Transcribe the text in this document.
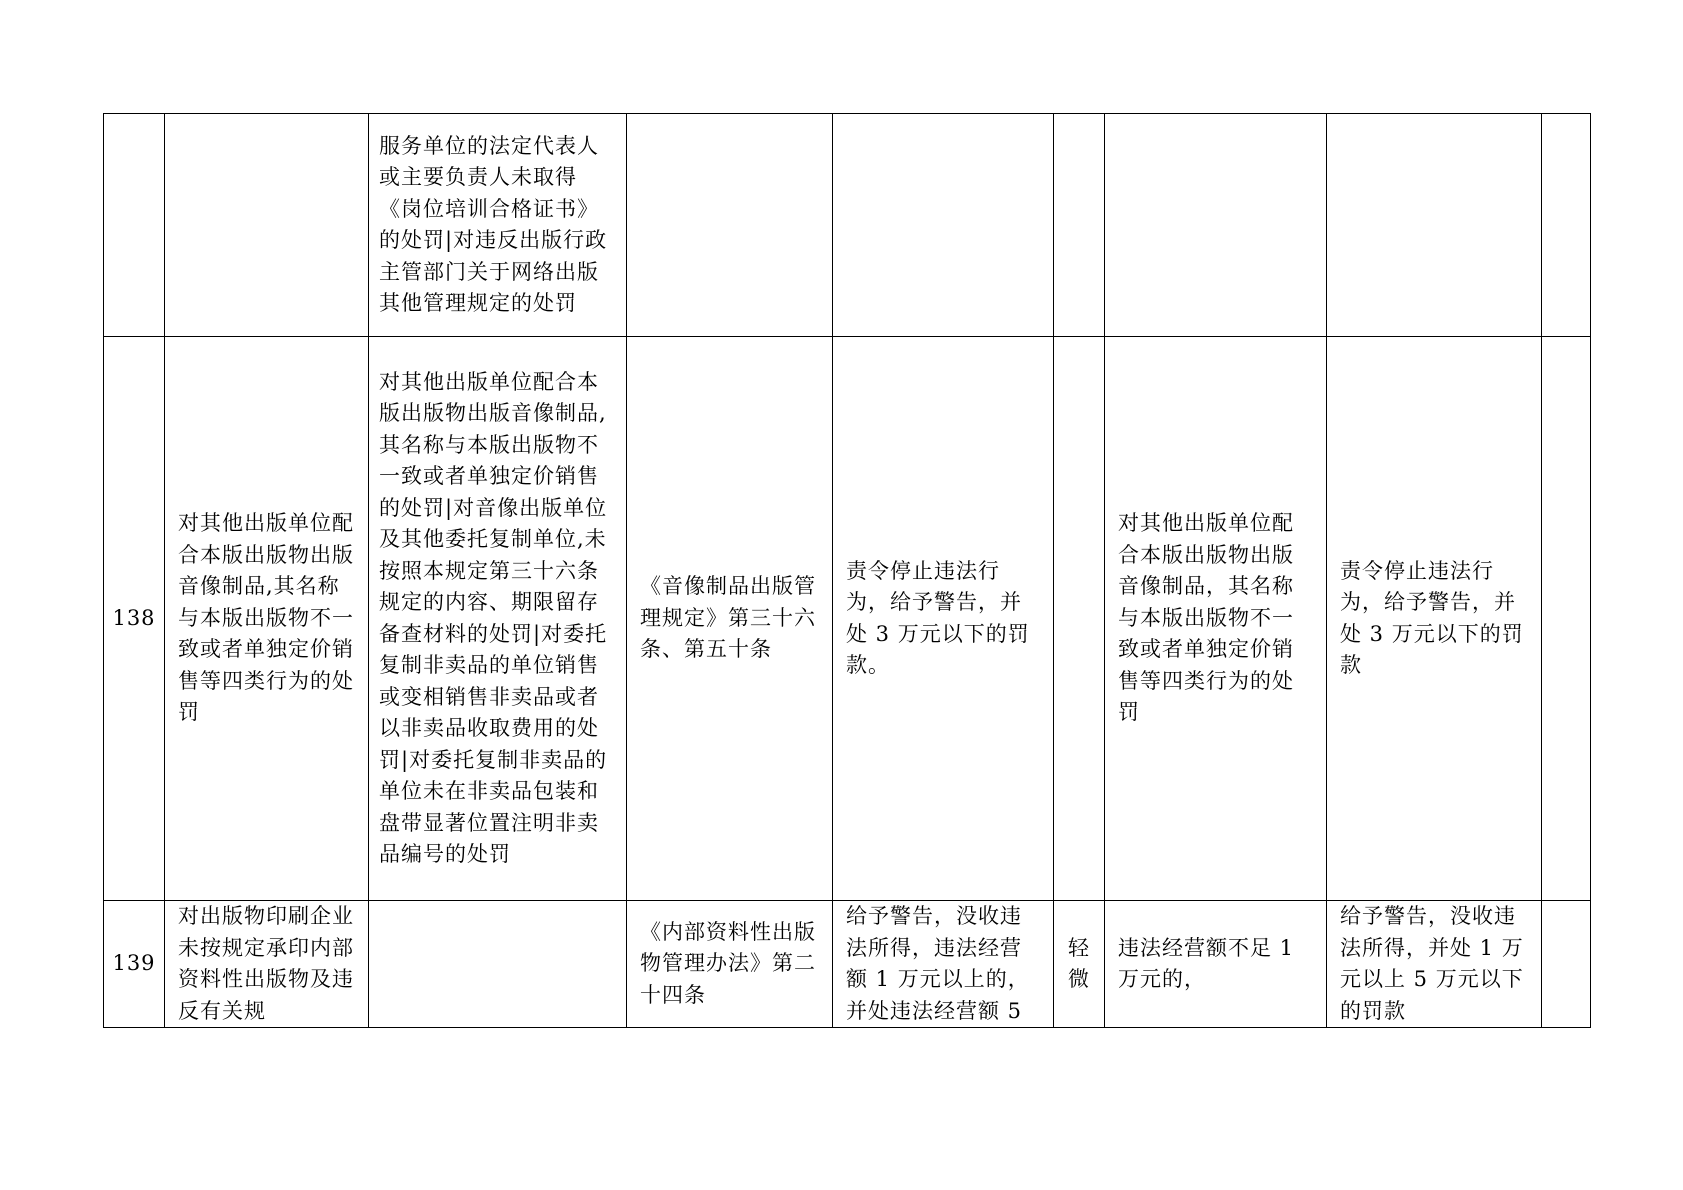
		服务单位的法定代表人或主要负责人未取得《岗位培训合格证书》的处罚|对违反出版行政主管部门关于网络出版其他管理规定的处罚						
138	对其他出版单位配合本版出版物出版音像制品,其名称与本版出版物不一致或者单独定价销售等四类行为的处罚	对其他出版单位配合本版出版物出版音像制品,其名称与本版出版物不一致或者单独定价销售的处罚|对音像出版单位及其他委托复制单位,未按照本规定第三十六条规定的内容、期限留存备查材料的处罚|对委托复制非卖品的单位销售或变相销售非卖品或者以非卖品收取费用的处罚|对委托复制非卖品的单位未在非卖品包装和盘带显著位置注明非卖品编号的处罚	《音像制品出版管理规定》第三十六条、第五十条	责令停止违法行为，给予警告，并处 3 万元以下的罚款。		对其他出版单位配合本版出版物出版音像制品，其名称与本版出版物不一致或者单独定价销售等四类行为的处罚	责令停止违法行为，给予警告，并处 3 万元以下的罚款	
139	对出版物印刷企业未按规定承印内部资料性出版物及违反有关规		《内部资料性出版物管理办法》第二十四条	给予警告，没收违法所得，违法经营额 1 万元以上的，并处违法经营额 5	轻微	违法经营额不足 1 万元的，	给予警告，没收违法所得，并处 1 万元以上 5 万元以下的罚款	
